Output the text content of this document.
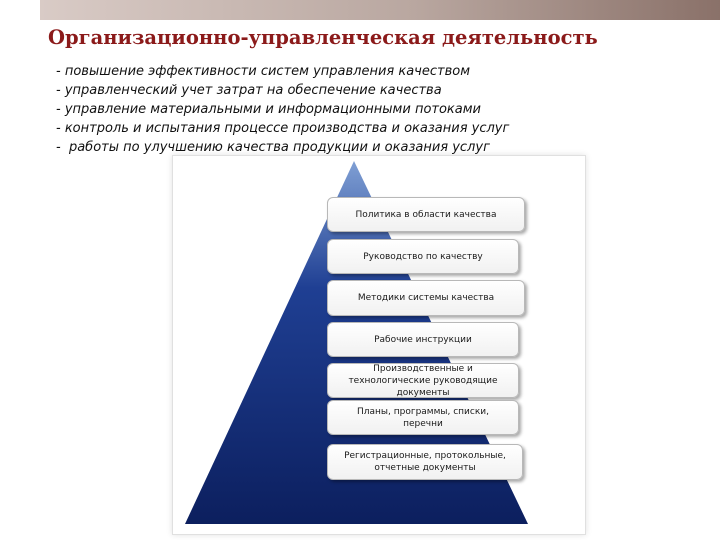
Организационно-управленческая деятельность
- повышение эффективности систем управления качеством
- управленческий учет затрат на обеспечение качества
- управление материальными и информационными потоками
- контроль и испытания процессе производства и оказания услуг
-  работы по улучшению качества продукции и оказания услуг
Политика в области качества
Руководство по качеству
Методики системы качества
Рабочие инструкции
Производственные и
технологические руководящие
документы
Планы, программы, списки,
перечни
Регистрационные, протокольные,
отчетные документы
